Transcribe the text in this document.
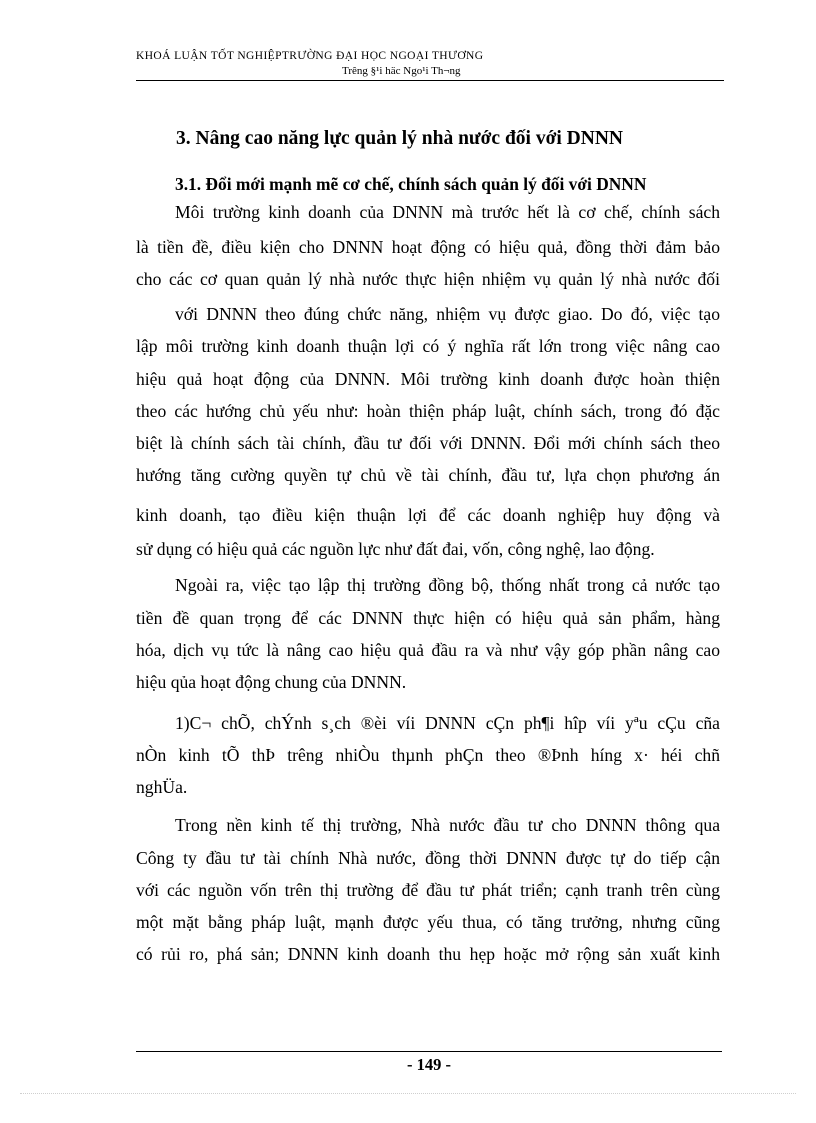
KHOÁ LUẬN TỐT NGHIỆPTRƯỜNG ĐẠI HỌC NGOẠI THƯƠNG
Trêng §¹i häc Ngo¹i Th¬ng
3. Nâng cao năng lực quản lý nhà nước đối với DNNN
3.1. Đổi mới mạnh mẽ cơ chế, chính sách quản lý đối với DNNN
Môi trường kinh doanh của DNNN mà trước hết là cơ chế, chính sách
là tiền đề, điều kiện cho DNNN hoạt động có hiệu quả, đồng thời đảm bảo
cho các cơ quan quản lý nhà nước thực hiện nhiệm vụ quản lý nhà nước đối
với DNNN theo đúng chức năng, nhiệm vụ được giao. Do đó, việc tạo
lập môi trường kinh doanh thuận lợi có ý nghĩa rất lớn trong việc nâng cao
hiệu quả hoạt động của DNNN. Môi trường kinh doanh được hoàn thiện
theo các hướng chủ yếu như: hoàn thiện pháp luật, chính sách, trong đó đặc
biệt là chính sách tài chính, đầu tư đối với DNNN. Đổi mới chính sách theo
hướng tăng cường quyền tự chủ về tài chính, đầu tư, lựa chọn phương án
kinh doanh, tạo điều kiện thuận lợi để các doanh nghiệp huy động và
sử dụng có hiệu quả các nguồn lực như đất đai, vốn, công nghệ, lao động.
Ngoài ra, việc tạo lập thị trường đồng bộ, thống nhất trong cả nước tạo
tiền đề quan trọng để các DNNN thực hiện có hiệu quả sản phẩm, hàng
hóa, dịch vụ tức là nâng cao hiệu quả đầu ra và như vậy góp phần nâng cao
hiệu qủa hoạt động chung của DNNN.
1)C¬ chÕ, chÝnh s¸ch ®èi víi DNNN cÇn ph¶i hîp víi yªu cÇu cña
nÒn kinh tÕ thÞ trêng nhiÒu thµnh phÇn theo ®Þnh híng x· héi chñ
nghÜa.
Trong nền kinh tế thị trường, Nhà nước đầu tư cho DNNN thông qua
Công ty đầu tư tài chính Nhà nước, đồng thời DNNN được tự do tiếp cận
với các nguồn vốn trên thị trường để đầu tư phát triển; cạnh tranh trên cùng
một mặt bằng pháp luật, mạnh được yếu thua, có tăng trưởng, nhưng cũng
có rủi ro, phá sản; DNNN kinh doanh thu hẹp hoặc mở rộng sản xuất kinh
- 149 -
